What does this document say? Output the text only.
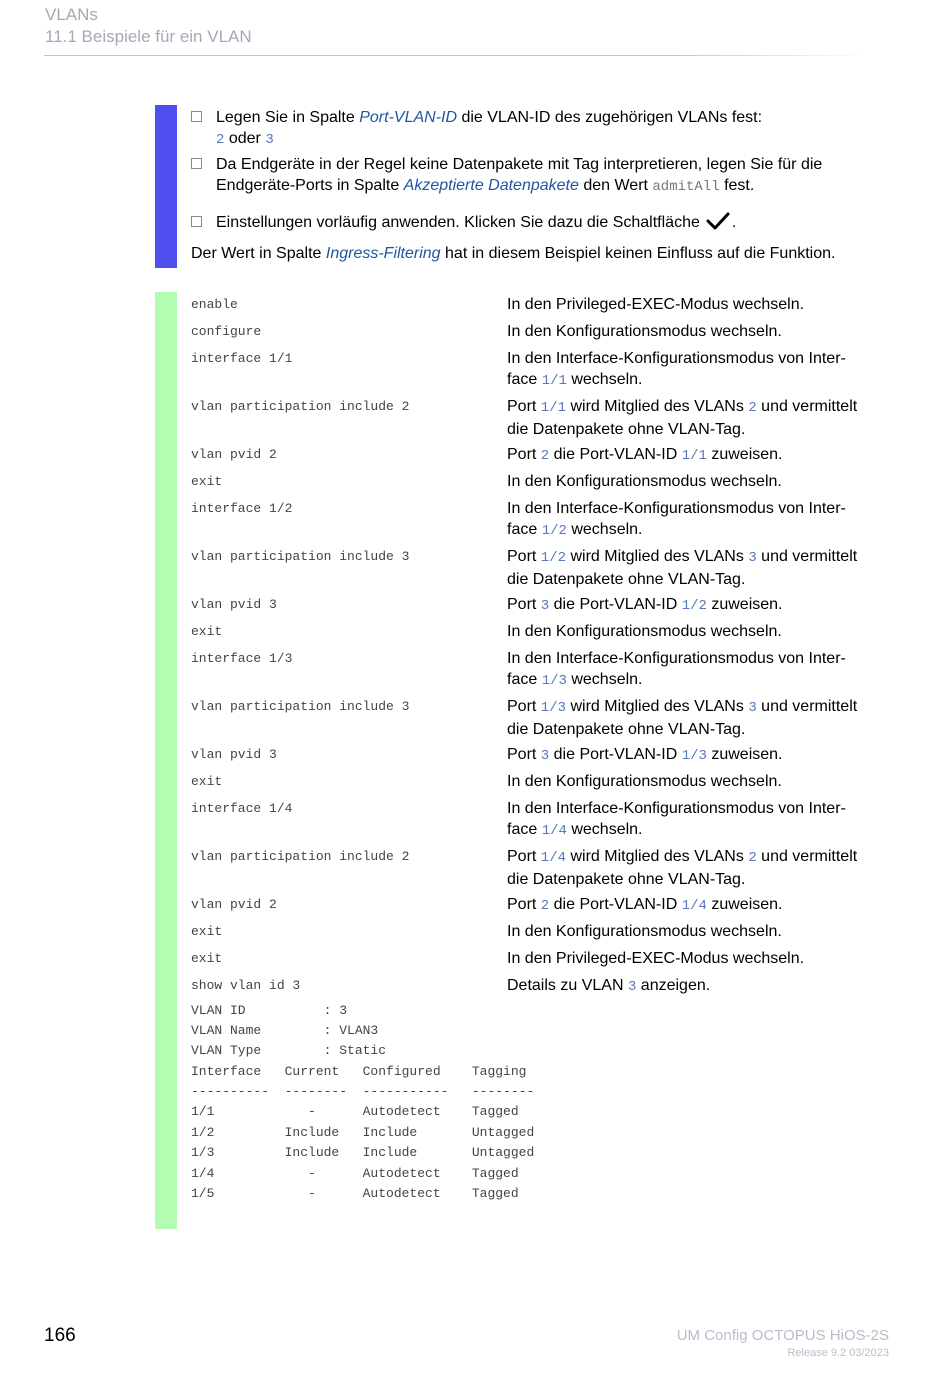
VLANs
11.1 Beispiele für ein VLAN
Legen Sie in Spalte Port-VLAN-ID die VLAN-ID des zugehörigen VLANs fest:
2 oder 3
Da Endgeräte in der Regel keine Datenpakete mit Tag interpretieren, legen Sie für die
Endgeräte-Ports in Spalte Akzeptierte Datenpakete den Wert admitAll fest.
Einstellungen vorläufig anwenden. Klicken Sie dazu die Schaltfläche .
Der Wert in Spalte Ingress-Filtering hat in diesem Beispiel keinen Einfluss auf die Funktion.
enable	In den Privileged-EXEC-Modus wechseln.
configure	In den Konfigurationsmodus wechseln.
interface 1/1	In den Interface-Konfigurationsmodus von Inter-
face 1/1 wechseln.
vlan participation include 2	Port 1/1 wird Mitglied des VLANs 2 und vermittelt
die Datenpakete ohne VLAN-Tag.
vlan pvid 2	Port 2 die Port-VLAN-ID 1/1 zuweisen.
exit	In den Konfigurationsmodus wechseln.
interface 1/2	In den Interface-Konfigurationsmodus von Inter-
face 1/2 wechseln.
vlan participation include 3	Port 1/2 wird Mitglied des VLANs 3 und vermittelt
die Datenpakete ohne VLAN-Tag.
vlan pvid 3	Port 3 die Port-VLAN-ID 1/2 zuweisen.
exit	In den Konfigurationsmodus wechseln.
interface 1/3	In den Interface-Konfigurationsmodus von Inter-
face 1/3 wechseln.
vlan participation include 3	Port 1/3 wird Mitglied des VLANs 3 und vermittelt
die Datenpakete ohne VLAN-Tag.
vlan pvid 3	Port 3 die Port-VLAN-ID 1/3 zuweisen.
exit	In den Konfigurationsmodus wechseln.
interface 1/4	In den Interface-Konfigurationsmodus von Inter-
face 1/4 wechseln.
vlan participation include 2	Port 1/4 wird Mitglied des VLANs 2 und vermittelt
die Datenpakete ohne VLAN-Tag.
vlan pvid 2	Port 2 die Port-VLAN-ID 1/4 zuweisen.
exit	In den Konfigurationsmodus wechseln.
exit	In den Privileged-EXEC-Modus wechseln.
show vlan id 3	Details zu VLAN 3 anzeigen.
VLAN ID          : 3
VLAN Name        : VLAN3
VLAN Type        : Static
Interface   Current   Configured    Tagging
----------  --------  -----------   --------
1/1            -      Autodetect    Tagged
1/2         Include   Include       Untagged
1/3         Include   Include       Untagged
1/4            -      Autodetect    Tagged
1/5            -      Autodetect    Tagged
166	UM Config OCTOPUS HiOS-2S
Release 9.2 03/2023
